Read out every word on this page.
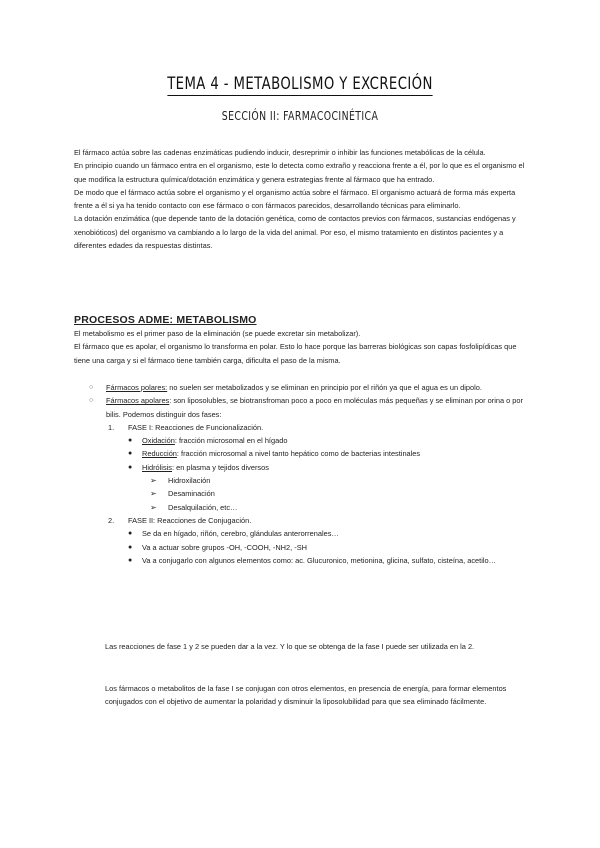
TEMA 4 - METABOLISMO Y EXCRECIÓN
SECCIÓN II: FARMACOCINÉTICA

El fármaco actúa sobre las cadenas enzimáticas pudiendo inducir, desreprimir o inhibir las funciones metabólicas de la célula.

En principio cuando un fármaco entra en el organismo, este lo detecta como extraño y reacciona frente a él, por lo que es el organismo el que modifica la estructura química/dotación enzimática y genera estrategias frente al fármaco que ha entrado.

De modo que el fármaco actúa sobre el organismo y el organismo actúa sobre el fármaco. El organismo actuará de forma más experta frente a él si ya ha tenido contacto con ese fármaco o con fármacos parecidos, desarrollando técnicas para eliminarlo.

La dotación enzimática (que depende tanto de la dotación genética, como de contactos previos con fármacos, sustancias endógenas y xenobióticos) del organismo va cambiando a lo largo de la vida del animal. Por eso, el mismo tratamiento en distintos pacientes y a diferentes edades da respuestas distintas.

PROCESOS ADME: METABOLISMO

El metabolismo es el primer paso de la eliminación (se puede excretar sin metabolizar).

El fármaco que es apolar, el organismo lo transforma en polar. Esto lo hace porque las barreras biológicas son capas fosfolipídicas que tiene una carga y si el fármaco tiene también carga, dificulta el paso de la misma.

○ Fármacos polares: no suelen ser metabolizados y se eliminan en principio por el riñón ya que el agua es un dipolo.
○ Fármacos apolares: son liposolubles, se biotransfroman poco a poco en moléculas más pequeñas y se eliminan por orina o por bilis. Podemos distinguir dos fases:
1. FASE I: Reacciones de Funcionalización.
● Oxidación: fracción microsomal en el hígado
● Reducción: fracción microsomal a nivel tanto hepático como de bacterias intestinales
● Hidrólisis: en plasma y tejidos diversos
➢ Hidroxilación
➢ Desaminación
➢ Desalquilación, etc…
2. FASE II: Reacciones de Conjugación.
● Se da en hígado, riñón, cerebro, glándulas anterorrenales…
● Va a actuar sobre grupos -OH, -COOH, -NH2, -SH
● Va a conjugarlo con algunos elementos como: ac. Glucuronico, metionina, glicina, sulfato, cisteína, acetilo…

Las reacciones de fase 1 y 2 se pueden dar a la vez. Y lo que se obtenga de la fase I puede ser utilizada en la 2.

Los fármacos o metabolitos de la fase I se conjugan con otros elementos, en presencia de energía, para formar elementos conjugados con el objetivo de aumentar la polaridad y disminuir la liposolubilidad para que sea eliminado fácilmente.
